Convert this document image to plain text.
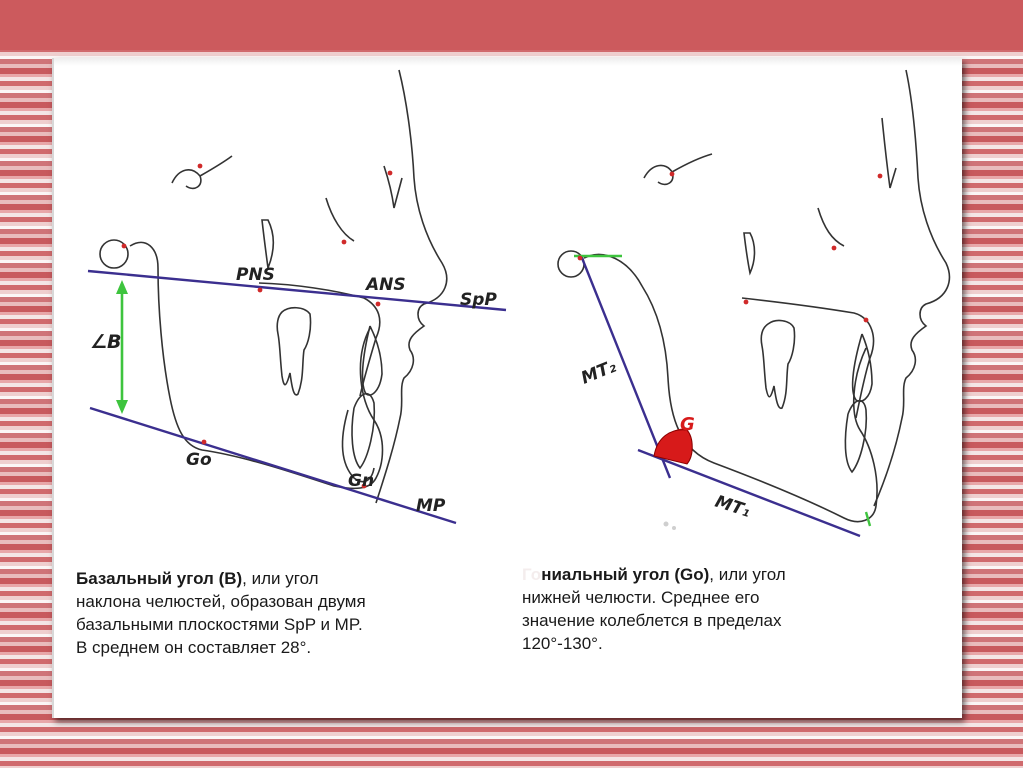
PNS	ANS
SpP
∠B
Go
Gn
MP
MT₂
G
MT₁
Базальный угол (B), или угол
наклона челюстей, образован двумя
базальными плоскостями SpP и MP.
В среднем он составляет 28°.
Гониальный угол (Go), или угол
нижней челюсти. Среднее его
значение колеблется в пределах
120°-130°.
